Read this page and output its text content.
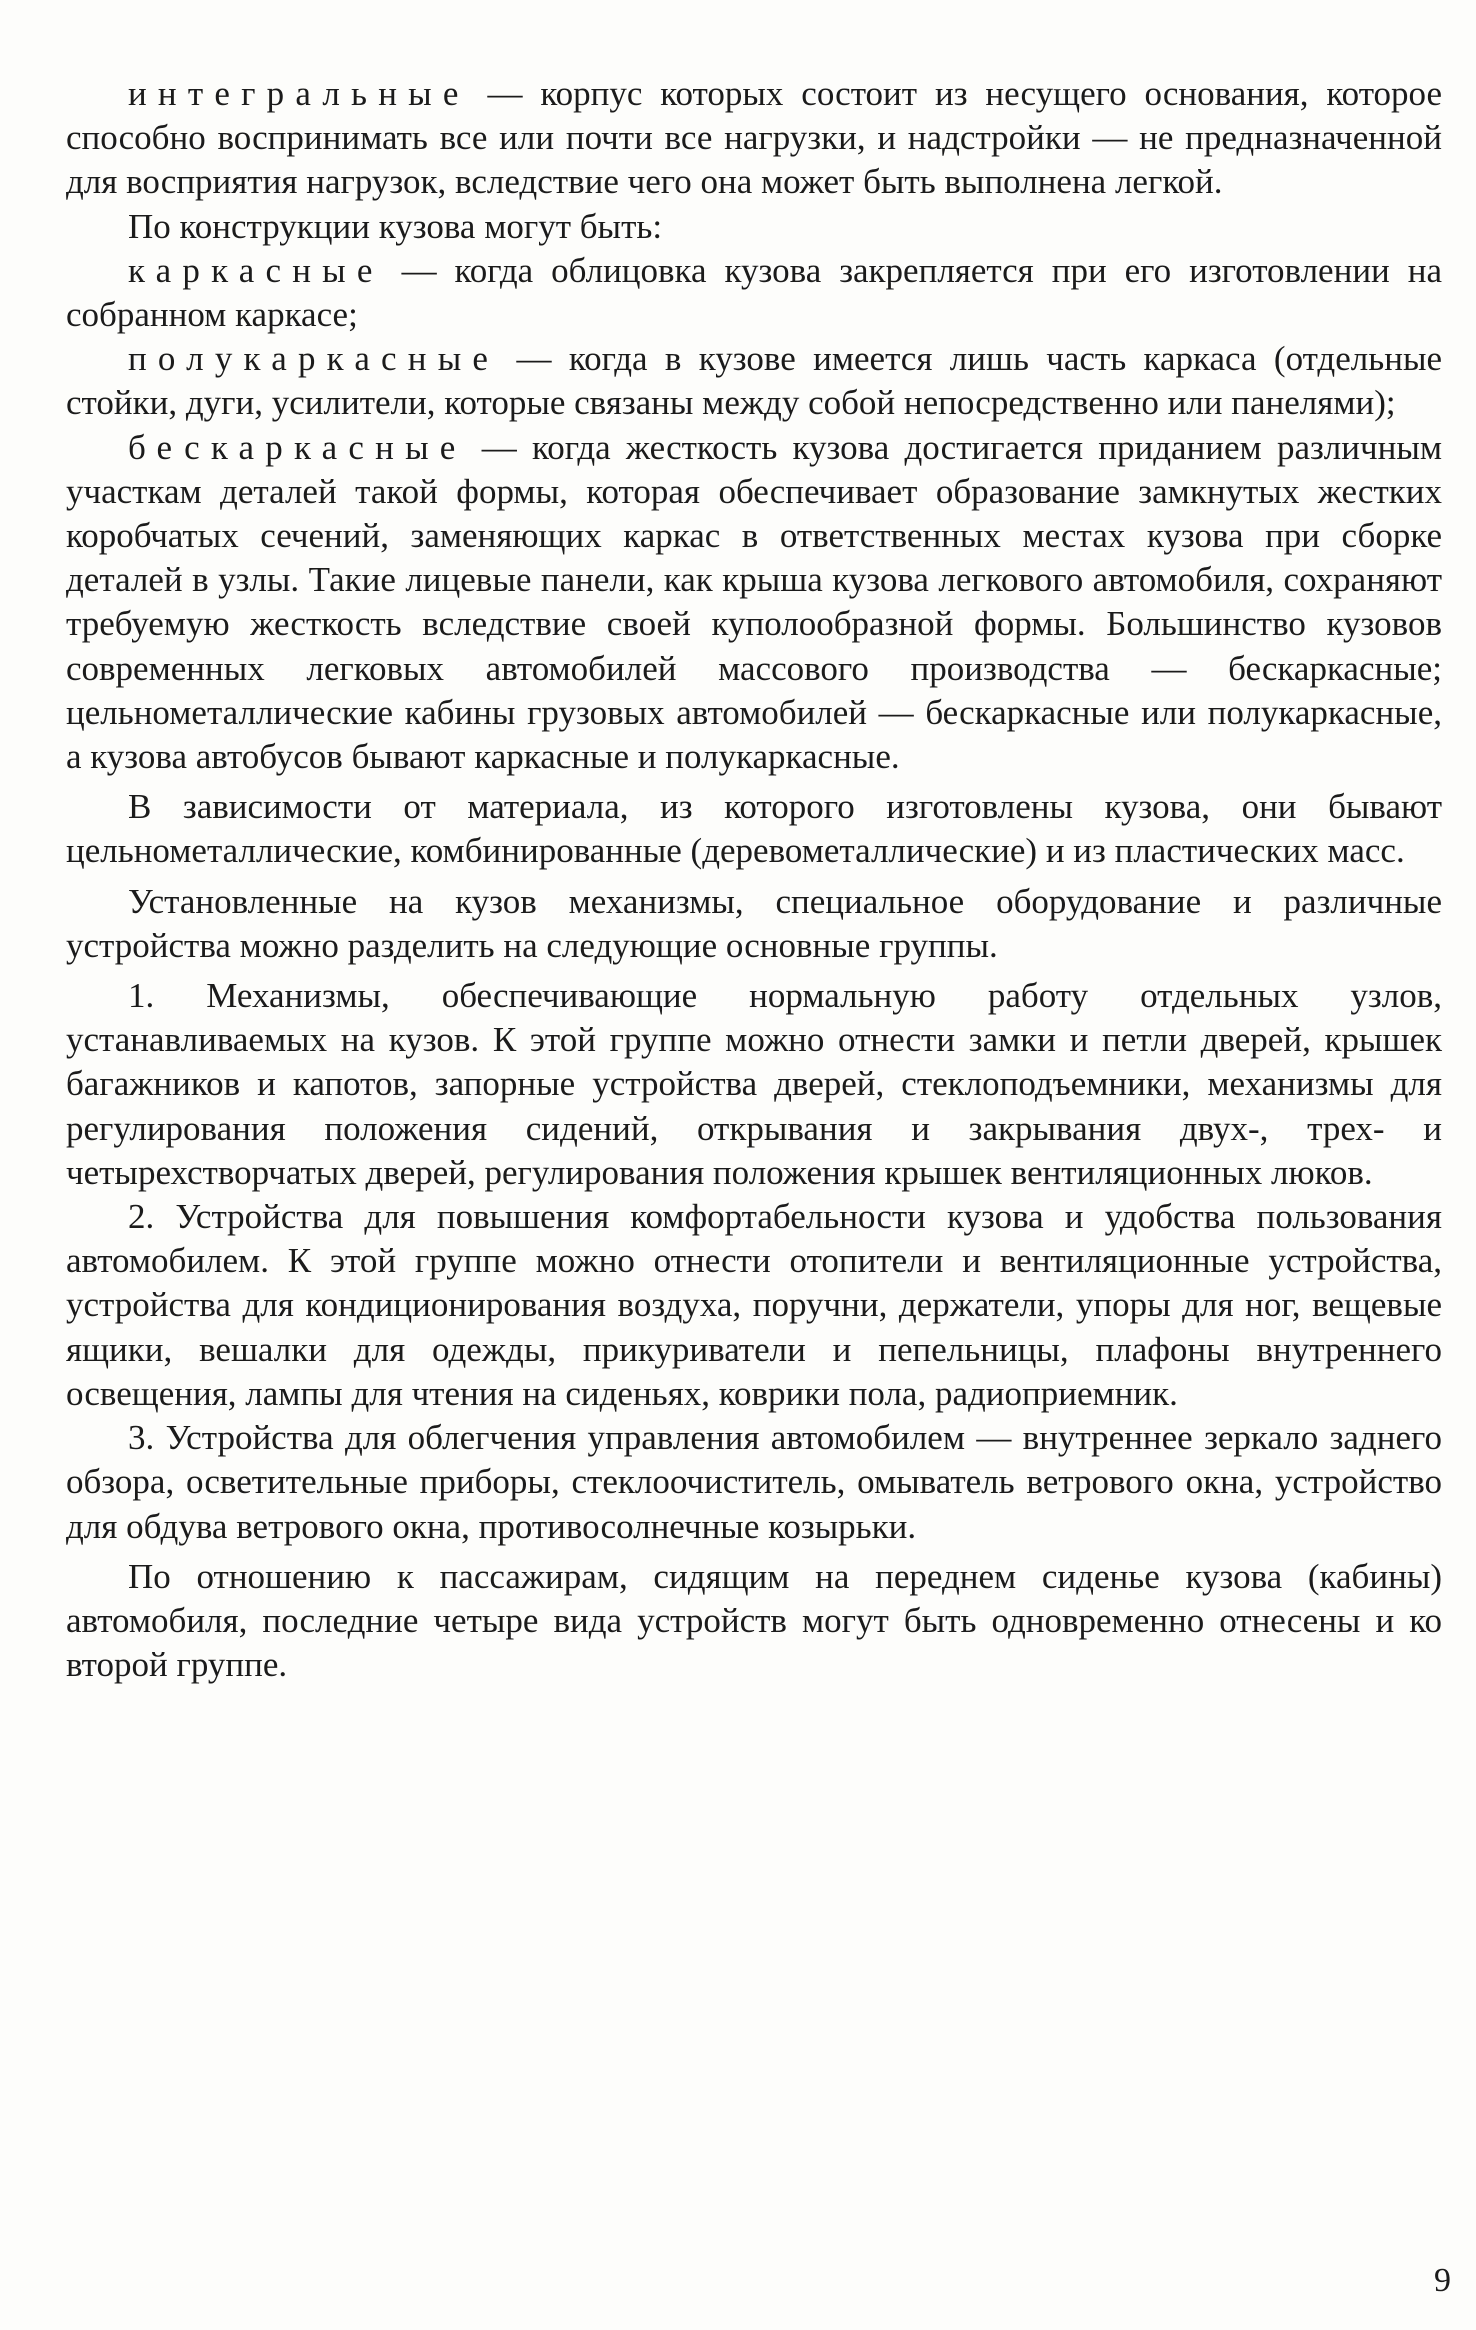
интегральные — корпус которых состоит из несущего основания, которое способно воспринимать все или почти все нагрузки, и надстройки — не предназначенной для восприятия нагрузок, вследствие чего она может быть выполнена легкой.

По конструкции кузова могут быть:

каркасные — когда облицовка кузова закрепляется при его изготовлении на собранном каркасе;

полукаркасные — когда в кузове имеется лишь часть каркаса (отдельные стойки, дуги, усилители, которые связаны между собой непосредственно или панелями);

бескаркасные — когда жесткость кузова достигается приданием различным участкам деталей такой формы, которая обеспечивает образование замкнутых жестких коробчатых сечений, заменяющих каркас в ответственных местах кузова при сборке деталей в узлы. Такие лицевые панели, как крыша кузова легкового автомобиля, сохраняют требуемую жесткость вследствие своей куполообразной формы. Большинство кузовов современных легковых автомобилей массового производства — бескаркасные; цельнометаллические кабины грузовых автомобилей — бескаркасные или полукаркасные, а кузова автобусов бывают каркасные и полукаркасные.

В зависимости от материала, из которого изготовлены кузова, они бывают цельнометаллические, комбинированные (деревометаллические) и из пластических масс.

Установленные на кузов механизмы, специальное оборудование и различные устройства можно разделить на следующие основные группы.

1. Механизмы, обеспечивающие нормальную работу отдельных узлов, устанавливаемых на кузов. К этой группе можно отнести замки и петли дверей, крышек багажников и капотов, запорные устройства дверей, стеклоподъемники, механизмы для регулирования положения сидений, открывания и закрывания двух-, трех- и четырехстворчатых дверей, регулирования положения крышек вентиляционных люков.

2. Устройства для повышения комфортабельности кузова и удобства пользования автомобилем. К этой группе можно отнести отопители и вентиляционные устройства, устройства для кондиционирования воздуха, поручни, держатели, упоры для ног, вещевые ящики, вешалки для одежды, прикуриватели и пепельницы, плафоны внутреннего освещения, лампы для чтения на сиденьях, коврики пола, радиоприемник.

3. Устройства для облегчения управления автомобилем — внутреннее зеркало заднего обзора, осветительные приборы, стеклоочиститель, омыватель ветрового окна, устройство для обдува ветрового окна, противосолнечные козырьки.

По отношению к пассажирам, сидящим на переднем сиденье кузова (кабины) автомобиля, последние четыре вида устройств могут быть одновременно отнесены и ко второй группе.

9
